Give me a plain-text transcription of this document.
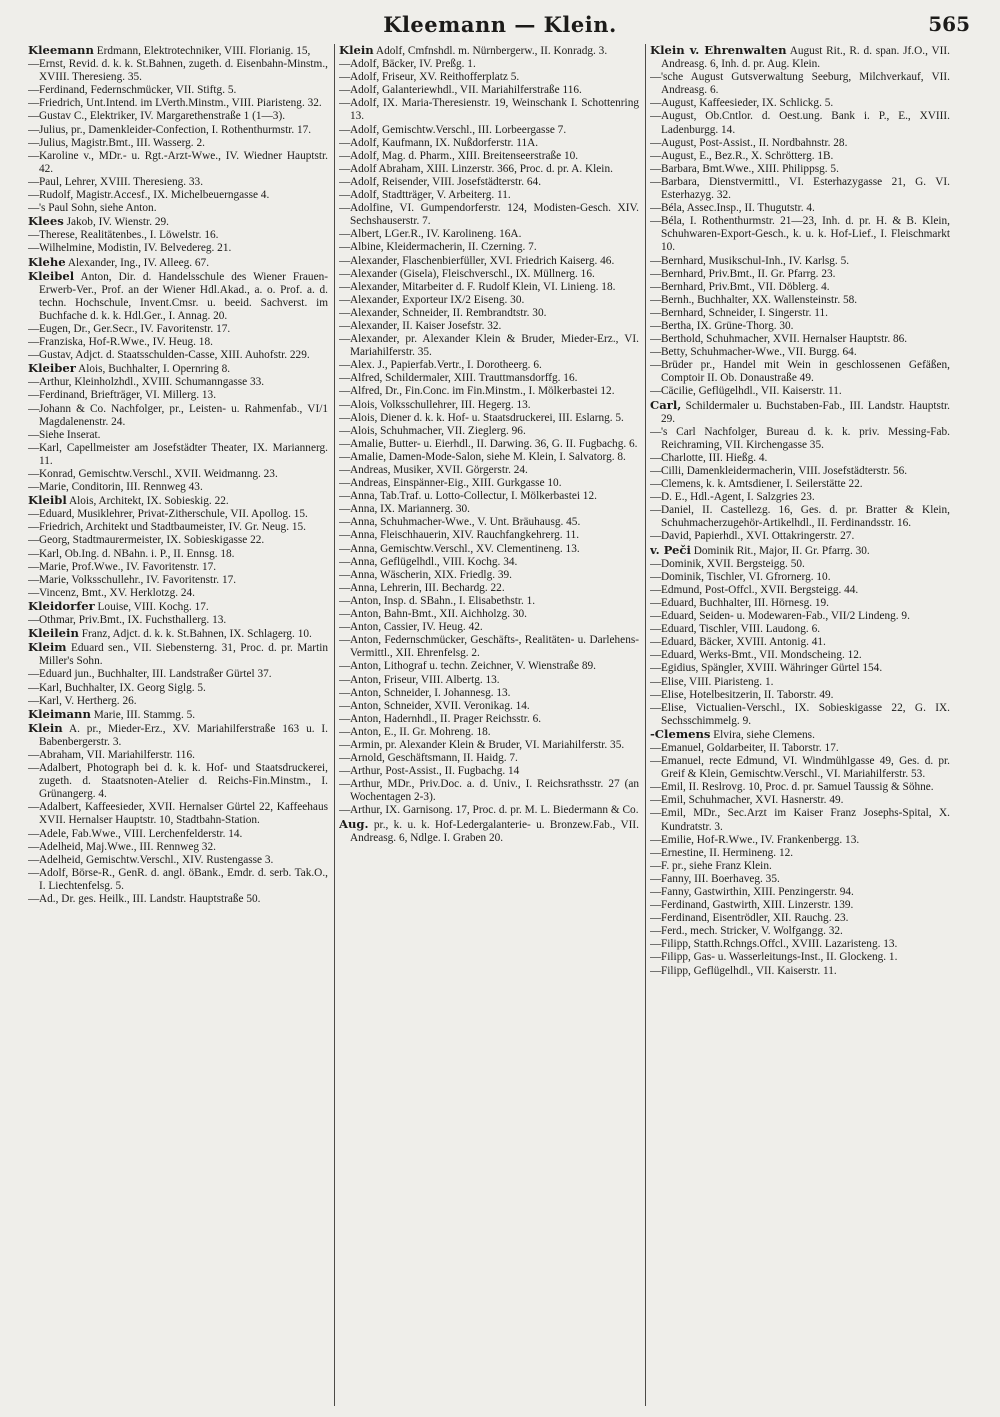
Kleemann — Klein.	565

Kleemann Erdmann, Elektrotechniker, VIII. Florianig. 15,

—Ernst, Revid. d. k. k. St.Bahnen, zugeth. d. Eisenbahn-Minstm., XVIII. Theresieng. 35.

—Ferdinand, Federnschmücker, VII. Stiftg. 5.

—Friedrich, Unt.Intend. im LVerth.Minstm., VIII. Piaristeng. 32.

—Gustav C., Elektriker, IV. Margarethenstraße 1 (1—3).

—Julius, pr., Damenkleider-Confection, I. Rothenthurmstr. 17.

—Julius, Magistr.Bmt., III. Wasserg. 2.

—Karoline v., MDr.- u. Rgt.-Arzt-Wwe., IV. Wiedner Hauptstr. 42.

—Paul, Lehrer, XVIII. Theresieng. 33.

—Rudolf, Magistr.Accesf., IX. Michelbeuerngasse 4.

—'s Paul Sohn, siehe Anton.

Klees Jakob, IV. Wienstr. 29.

—Therese, Realitätenbes., I. Löwelstr. 16.

—Wilhelmine, Modistin, IV. Belvedereg. 21.

Klehe Alexander, Ing., IV. Alleeg. 67.

Kleibel Anton, Dir. d. Handelsschule des Wiener Frauen-Erwerb-Ver., Prof. an der Wiener Hdl.Akad., a. o. Prof. a. d. techn. Hochschule, Invent.Cmsr. u. beeid. Sachverst. im Buchfache d. k. k. Hdl.Ger., I. Annag. 20.

—Eugen, Dr., Ger.Secr., IV. Favoritenstr. 17.

—Franziska, Hof-R.Wwe., IV. Heug. 18.

—Gustav, Adjct. d. Staatsschulden-Casse, XIII. Auhofstr. 229.

Kleiber Alois, Buchhalter, I. Opernring 8.

—Arthur, Kleinholzhdl., XVIII. Schumanngasse 33.

—Ferdinand, Briefträger, VI. Millerg. 13.

—Johann & Co. Nachfolger, pr., Leisten- u. Rahmenfab., VI/1 Magdalenenstr. 24.

—Siehe Inserat.

—Karl, Capellmeister am Josefstädter Theater, IX. Mariannerg. 11.

—Konrad, Gemischtw.Verschl., XVII. Weidmanng. 23.

—Marie, Conditorin, III. Rennweg 43.

Kleibl Alois, Architekt, IX. Sobieskig. 22.

—Eduard, Musiklehrer, Privat-Zitherschule, VII. Apollog. 15.

—Friedrich, Architekt und Stadtbaumeister, IV. Gr. Neug. 15.

—Georg, Stadtmaurermeister, IX. Sobieskigasse 22.

—Karl, Ob.Ing. d. NBahn. i. P., II. Ennsg. 18.

—Marie, Prof.Wwe., IV. Favoritenstr. 17.

—Marie, Volksschullehr., IV. Favoritenstr. 17.

—Vincenz, Bmt., XV. Herklotzg. 24.

Kleidorfer Louise, VIII. Kochg. 17.

—Othmar, Priv.Bmt., IX. Fuchsthallerg. 13.

Kleilein Franz, Adjct. d. k. k. St.Bahnen, IX. Schlagerg. 10.

Kleim Eduard sen., VII. Siebensterng. 31, Proc. d. pr. Martin Miller's Sohn.

—Eduard jun., Buchhalter, III. Landstraßer Gürtel 37.

—Karl, Buchhalter, IX. Georg Siglg. 5.

—Karl, V. Hertherg. 26.

Kleimann Marie, III. Stammg. 5.

Klein A. pr., Mieder-Erz., XV. Mariahilferstraße 163 u. I. Babenbergerstr. 3.

—Abraham, VII. Mariahilferstr. 116.

—Adalbert, Photograph bei d. k. k. Hof- und Staatsdruckerei, zugeth. d. Staatsnoten-Atelier d. Reichs-Fin.Minstm., I. Grünangerg. 4.

—Adalbert, Kaffeesieder, XVII. Hernalser Gürtel 22, Kaffeehaus XVII. Hernalser Hauptstr. 10, Stadtbahn-Station.

—Adele, Fab.Wwe., VIII. Lerchenfelderstr. 14.

—Adelheid, Maj.Wwe., III. Rennweg 32.

—Adelheid, Gemischtw.Verschl., XIV. Rustengasse 3.

—Adolf, Börse-R., GenR. d. angl. öBank., Emdr. d. serb. Tak.O., I. Liechtenfelsg. 5.

—Ad., Dr. ges. Heilk., III. Landstr. Hauptstraße 50.

Klein Adolf, Cmfnshdl. m. Nürnbergerw., II. Konradg. 3.

—Adolf, Bäcker, IV. Preßg. 1.

—Adolf, Friseur, XV. Reithofferplatz 5.

—Adolf, Galanteriewhdl., VII. Mariahilferstraße 116.

—Adolf, IX. Maria-Theresienstr. 19, Weinschank I. Schottenring 13.

—Adolf, Gemischtw.Verschl., III. Lorbeergasse 7.

—Adolf, Kaufmann, IX. Nußdorferstr. 11A.

—Adolf, Mag. d. Pharm., XIII. Breitenseerstraße 10.

—Adolf Abraham, XIII. Linzerstr. 366, Proc. d. pr. A. Klein.

—Adolf, Reisender, VIII. Josefstädterstr. 64.

—Adolf, Stadtträger, V. Arbeiterg. 11.

—Adolfine, VI. Gumpendorferstr. 124, Modisten-Gesch. XIV. Sechshauserstr. 7.

—Albert, LGer.R., IV. Karolineng. 16A.

—Albine, Kleidermacherin, II. Czerning. 7.

—Alexander, Flaschenbierfüller, XVI. Friedrich Kaiserg. 46.

—Alexander (Gisela), Fleischverschl., IX. Müllnerg. 16.

—Alexander, Mitarbeiter d. F. Rudolf Klein, VI. Linieng. 18.

—Alexander, Exporteur IX/2 Eiseng. 30.

—Alexander, Schneider, II. Rembrandtstr. 30.

—Alexander, II. Kaiser Josefstr. 32.

—Alexander, pr. Alexander Klein & Bruder, Mieder-Erz., VI. Mariahilferstr. 35.

—Alex. J., Papierfab.Vertr., I. Dorotheerg. 6.

—Alfred, Schildermaler, XIII. Trauttmansdorffg. 16.

—Alfred, Dr., Fin.Conc. im Fin.Minstm., I. Mölkerbastei 12.

—Alois, Volksschullehrer, III. Hegerg. 13.

—Alois, Diener d. k. k. Hof- u. Staatsdruckerei, III. Eslarng. 5.

—Alois, Schuhmacher, VII. Zieglerg. 96.

—Amalie, Butter- u. Eierhdl., II. Darwing. 36, G. II. Fugbachg. 6.

—Amalie, Damen-Mode-Salon, siehe M. Klein, I. Salvatorg. 8.

—Andreas, Musiker, XVII. Görgerstr. 24.

—Andreas, Einspänner-Eig., XIII. Gurkgasse 10.

—Anna, Tab.Traf. u. Lotto-Collectur, I. Mölkerbastei 12.

—Anna, IX. Mariannerg. 30.

—Anna, Schuhmacher-Wwe., V. Unt. Bräuhausg. 45.

—Anna, Fleischhauerin, XIV. Rauchfangkehrerg. 11.

—Anna, Gemischtw.Verschl., XV. Clementineng. 13.

—Anna, Geflügelhdl., VIII. Kochg. 34.

—Anna, Wäscherin, XIX. Friedlg. 39.

—Anna, Lehrerin, III. Bechardg. 22.

—Anton, Insp. d. SBahn., I. Elisabethstr. 1.

—Anton, Bahn-Bmt., XII. Aichholzg. 30.

—Anton, Cassier, IV. Heug. 42.

—Anton, Federnschmücker, Geschäfts-, Realitäten- u. Darlehens-Vermittl., XII. Ehrenfelsg. 2.

—Anton, Lithograf u. techn. Zeichner, V. Wienstraße 89.

—Anton, Friseur, VIII. Albertg. 13.

—Anton, Schneider, I. Johannesg. 13.

—Anton, Schneider, XVII. Veronikag. 14.

—Anton, Hadernhdl., II. Prager Reichsstr. 6.

—Anton, E., II. Gr. Mohreng. 18.

—Armin, pr. Alexander Klein & Bruder, VI. Mariahilferstr. 35.

—Arnold, Geschäftsmann, II. Haidg. 7.

—Arthur, Post-Assist., II. Fugbachg. 14

—Arthur, MDr., Priv.Doc. a. d. Univ., I. Reichsrathsstr. 27 (an Wochentagen 2-3).

—Arthur, IX. Garnisong. 17, Proc. d. pr. M. L. Biedermann & Co.

Aug. pr., k. u. k. Hof-Ledergalanterie- u. Bronzew.Fab., VII. Andreasg. 6, Ndlge. I. Graben 20.

Klein v. Ehrenwalten August Rit., R. d. span. Jf.O., VII. Andreasg. 6, Inh. d. pr. Aug. Klein.

—'sche August Gutsverwaltung Seeburg, Milchverkauf, VII. Andreasg. 6.

—August, Kaffeesieder, IX. Schlickg. 5.

—August, Ob.Cntlor. d. Oest.ung. Bank i. P., E., XVIII. Ladenburgg. 14.

—August, Post-Assist., II. Nordbahnstr. 28.

—August, E., Bez.R., X. Schrötterg. 1B.

—Barbara, Bmt.Wwe., XIII. Philippsg. 5.

—Barbara, Dienstvermittl., VI. Esterhazygasse 21, G. VI. Esterhazyg. 32.

—Béla, Assec.Insp., II. Thugutstr. 4.

—Béla, I. Rothenthurmstr. 21—23, Inh. d. pr. H. & B. Klein, Schuhwaren-Export-Gesch., k. u. k. Hof-Lief., I. Fleischmarkt 10.

—Bernhard, Musikschul-Inh., IV. Karlsg. 5.

—Bernhard, Priv.Bmt., II. Gr. Pfarrg. 23.

—Bernhard, Priv.Bmt., VII. Döblerg. 4.

—Bernh., Buchhalter, XX. Wallensteinstr. 58.

—Bernhard, Schneider, I. Singerstr. 11.

—Bertha, IX. Grüne-Thorg. 30.

—Berthold, Schuhmacher, XVII. Hernalser Hauptstr. 86.

—Betty, Schuhmacher-Wwe., VII. Burgg. 64.

—Brüder pr., Handel mit Wein in geschlossenen Gefäßen, Comptoir II. Ob. Donaustraße 49.

—Cäcilie, Geflügelhdl., VII. Kaiserstr. 11.

Carl, Schildermaler u. Buchstaben-Fab., III. Landstr. Hauptstr. 29.

—'s Carl Nachfolger, Bureau d. k. k. priv. Messing-Fab. Reichraming, VII. Kirchengasse 35.

—Charlotte, III. Hießg. 4.

—Cilli, Damenkleidermacherin, VIII. Josefstädterstr. 56.

—Clemens, k. k. Amtsdiener, I. Seilerstätte 22.

—D. E., Hdl.-Agent, I. Salzgries 23.

—Daniel, II. Castellezg. 16, Ges. d. pr. Bratter & Klein, Schuhmacherzugehör-Artikelhdl., II. Ferdinandsstr. 16.

—David, Papierhdl., XVI. Ottakringerstr. 27.

v. Peči Dominik Rit., Major, II. Gr. Pfarrg. 30.

—Dominik, XVII. Bergsteigg. 50.

—Dominik, Tischler, VI. Gfrornerg. 10.

—Edmund, Post-Offcl., XVII. Bergsteigg. 44.

—Eduard, Buchhalter, III. Hörnesg. 19.

—Eduard, Seiden- u. Modewaren-Fab., VII/2 Lindeng. 9.

—Eduard, Tischler, VIII. Laudong. 6.

—Eduard, Bäcker, XVIII. Antonig. 41.

—Eduard, Werks-Bmt., VII. Mondscheing. 12.

—Egidius, Spängler, XVIII. Währinger Gürtel 154.

—Elise, VIII. Piaristeng. 1.

—Elise, Hotelbesitzerin, II. Taborstr. 49.

—Elise, Victualien-Verschl., IX. Sobieskigasse 22, G. IX. Sechsschimmelg. 9.

-Clemens Elvira, siehe Clemens.

—Emanuel, Goldarbeiter, II. Taborstr. 17.

—Emanuel, recte Edmund, VI. Windmühlgasse 49, Ges. d. pr. Greif & Klein, Gemischtw.Verschl., VI. Mariahilferstr. 53.

—Emil, II. Reslrovg. 10, Proc. d. pr. Samuel Taussig & Söhne.

—Emil, Schuhmacher, XVI. Hasnerstr. 49.

—Emil, MDr., Sec.Arzt im Kaiser Franz Josephs-Spital, X. Kundratstr. 3.

—Emilie, Hof-R.Wwe., IV. Frankenbergg. 13.

—Ernestine, II. Hermineng. 12.

—F. pr., siehe Franz Klein.

—Fanny, III. Boerhaveg. 35.

—Fanny, Gastwirthin, XIII. Penzingerstr. 94.

—Ferdinand, Gastwirth, XIII. Linzerstr. 139.

—Ferdinand, Eisentrödler, XII. Rauchg. 23.

—Ferd., mech. Stricker, V. Wolfgangg. 32.

—Filipp, Statth.Rchngs.Offcl., XVIII. Lazaristeng. 13.

—Filipp, Gas- u. Wasserleitungs-Inst., II. Glockeng. 1.

—Filipp, Geflügelhdl., VII. Kaiserstr. 11.
